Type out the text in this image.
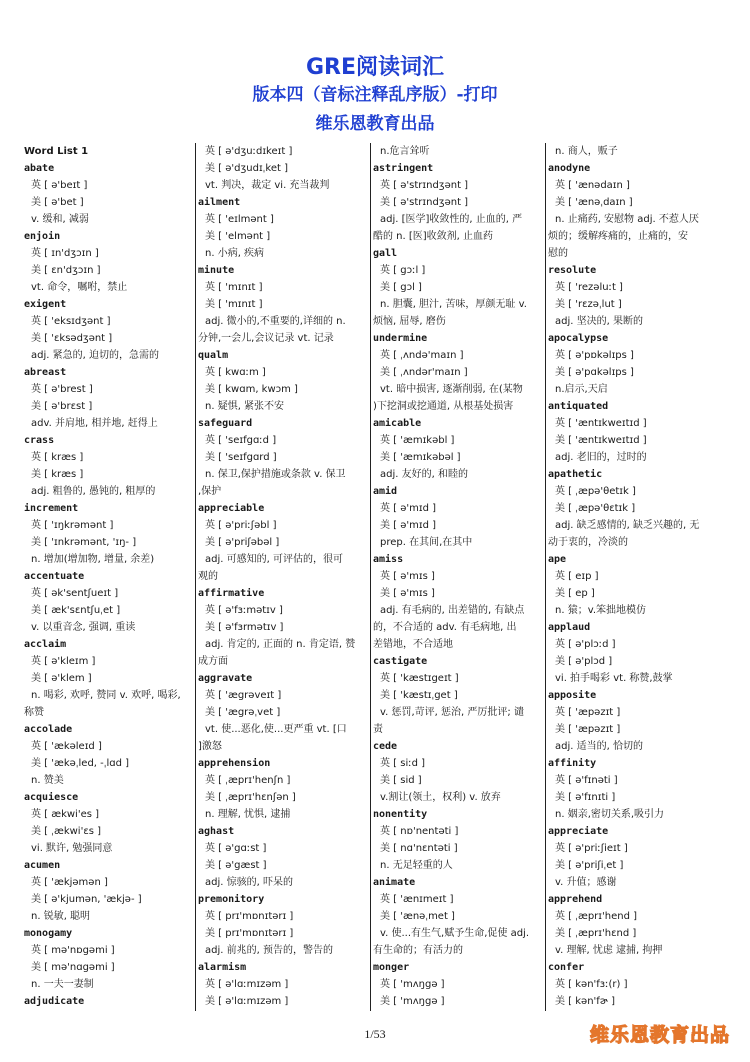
GRE阅读词汇
版本四（音标注释乱序版）-打印
维乐恩教育出品
Word List 1
abate
英 [ ə'beɪt ]
美 [ ə'bet ]
v. 缓和, 减弱
enjoin
英 [ ɪn'dʒɔɪn ]
美 [ ɛn'dʒɔɪn ]
vt. 命令，嘱咐，禁止
exigent
英 [ 'eksɪdʒənt ]
美 [ 'ɛksədʒənt ]
adj. 紧急的, 迫切的，急需的
abreast
英 [ ə'brest ]
美 [ ə'brɛst ]
adv. 并肩地, 相并地, 赶得上
crass
英 [ kræs ]
美 [ kræs ]
adj. 粗鲁的, 愚钝的, 粗厚的
increment
英 [ 'ɪŋkrəmənt ]
美 [ 'ɪnkrəmənt, 'ɪŋ- ]
n. 增加(增加物, 增量, 余差)
accentuate
英 [ ək'sentʃueɪt ]
美 [ æk'sɛntʃuˌet ]
v. 以重音念, 强调, 重读
acclaim
英 [ ə'kleɪm ]
美 [ ə'klem ]
n. 喝彩, 欢呼, 赞同 v. 欢呼, 喝彩,
称赞
accolade
英 [ 'ækəleɪd ]
美 [ 'ækəˌled, -ˌlɑd ]
n. 赞美
acquiesce
英 [ ækwi'es ]
美 [ ˌækwi'ɛs ]
vi. 默许, 勉强同意
acumen
英 [ 'ækjəmən ]
美 [ ə'kjumən, 'ækjə- ]
n. 锐敏, 聪明
monogamy
英 [ mə'nɒgəmi ]
美 [ mə'nɑgəmi ]
n. 一夫一妻制
adjudicate
英 [ ə'dʒuːdɪkeɪt ]
美 [ ə'dʒudɪˌket ]
vt. 判决，裁定 vi. 充当裁判
ailment
英 [ 'eɪlmənt ]
美 [ 'elmənt ]
n. 小病, 疾病
minute
英 [ 'mɪnɪt ]
美 [ 'mɪnɪt ]
adj. 微小的,不重要的,详细的 n.
分钟,一会儿,会议记录 vt. 记录
qualm
英 [ kwɑːm ]
美 [ kwɑm, kwɔm ]
n. 疑惧, 紧张不安
safeguard
英 [ 'seɪfgɑːd ]
美 [ 'seɪfgɑrd ]
n. 保卫,保护措施或条款 v. 保卫
,保护
appreciable
英 [ ə'priːʃəbl ]
美 [ ə'priʃəbəl ]
adj. 可感知的, 可评估的，很可
观的
affirmative
英 [ ə'fɜːmətɪv ]
美 [ ə'fɜrmətɪv ]
adj. 肯定的, 正面的 n. 肯定语, 赞
成方面
aggravate
英 [ 'ægrəveɪt ]
美 [ 'ægrəˌvet ]
vt. 使...恶化,使...更严重 vt. [口
]激怒
apprehension
英 [ ˌæprɪ'henʃn ]
美 [ ˌæprɪ'hɛnʃən ]
n. 理解, 忧惧, 逮捕
aghast
英 [ ə'gɑːst ]
美 [ ə'gæst ]
adj. 惊骇的, 吓呆的
premonitory
英 [ prɪ'mɒnɪtərɪ ]
美 [ prɪ'mɒnɪtərɪ ]
adj. 前兆的, 预告的，警告的
alarmism
英 [ ə'lɑːmɪzəm ]
美 [ ə'lɑːmɪzəm ]
n.危言耸听
astringent
英 [ ə'strɪndʒənt ]
美 [ ə'strɪndʒənt ]
adj. [医学]收敛性的, 止血的, 严
酷的 n. [医]收敛剂, 止血药
gall
英 [ gɔːl ]
美 [ gɔl ]
n. 胆囊, 胆汁, 苦味，厚颜无耻 v.
烦恼, 屈辱, 磨伤
undermine
英 [ ˌʌndə'maɪn ]
美 [ ˌʌndər'maɪn ]
vt. 暗中损害, 逐渐削弱, 在(某物
)下挖洞或挖通道, 从根基处损害
amicable
英 [ 'æmɪkəbl ]
美 [ 'æmɪkəbəl ]
adj. 友好的, 和睦的
amid
英 [ ə'mɪd ]
美 [ ə'mɪd ]
prep. 在其间,在其中
amiss
英 [ ə'mɪs ]
美 [ ə'mɪs ]
adj. 有毛病的, 出差错的, 有缺点
的，不合适的 adv. 有毛病地, 出
差错地，不合适地
castigate
英 [ 'kæstɪgeɪt ]
美 [ 'kæstɪˌget ]
v. 惩罚,苛评, 惩治, 严厉批评; 谴
责
cede
英 [ siːd ]
美 [ sid ]
v.割让(领土，权利) v. 放弃
nonentity
英 [ nɒ'nentəti ]
美 [ nɑ'nɛntəti ]
n. 无足轻重的人
animate
英 [ 'ænɪmeɪt ]
美 [ 'ænəˌmet ]
v. 使...有生气,赋予生命,促使 adj.
有生命的；有活力的
monger
英 [ 'mʌŋgə ]
美 [ 'mʌŋgə ]
n. 商人，贩子
anodyne
英 [ 'ænədaɪn ]
美 [ 'ænəˌdaɪn ]
n. 止痛药, 安慰物 adj. 不惹人厌
烦的；缓解疼痛的，止痛的，安
慰的
resolute
英 [ 'rezəluːt ]
美 [ 'rɛzəˌlut ]
adj. 坚决的, 果断的
apocalypse
英 [ ə'pɒkəlɪps ]
美 [ ə'pɑkəlɪps ]
n.启示,天启
antiquated
英 [ 'æntɪkweɪtɪd ]
美 [ 'æntɪkweɪtɪd ]
adj. 老旧的，过时的
apathetic
英 [ ˌæpə'θetɪk ]
美 [ ˌæpə'θɛtɪk ]
adj. 缺乏感情的, 缺乏兴趣的, 无
动于衷的，冷淡的
ape
英 [ eɪp ]
美 [ ep ]
n. 猿；v.笨拙地模仿
applaud
英 [ ə'plɔːd ]
美 [ ə'plɔd ]
vi. 拍手喝彩 vt. 称赞,鼓掌
apposite
英 [ 'æpəzɪt ]
美 [ 'æpəzɪt ]
adj. 适当的, 恰切的
affinity
英 [ ə'fɪnəti ]
美 [ ə'fɪnɪti ]
n. 姻亲,密切关系,吸引力
appreciate
英 [ ə'priːʃieɪt ]
美 [ ə'priʃiˌet ]
v. 升值；感谢
apprehend
英 [ ˌæprɪ'hend ]
美 [ ˌæprɪ'hɛnd ]
v. 理解, 忧虑 逮捕, 拘押
confer
英 [ kən'fɜː(r) ]
美 [ kən'fɚ ]
1/53	维乐恩教育出品
